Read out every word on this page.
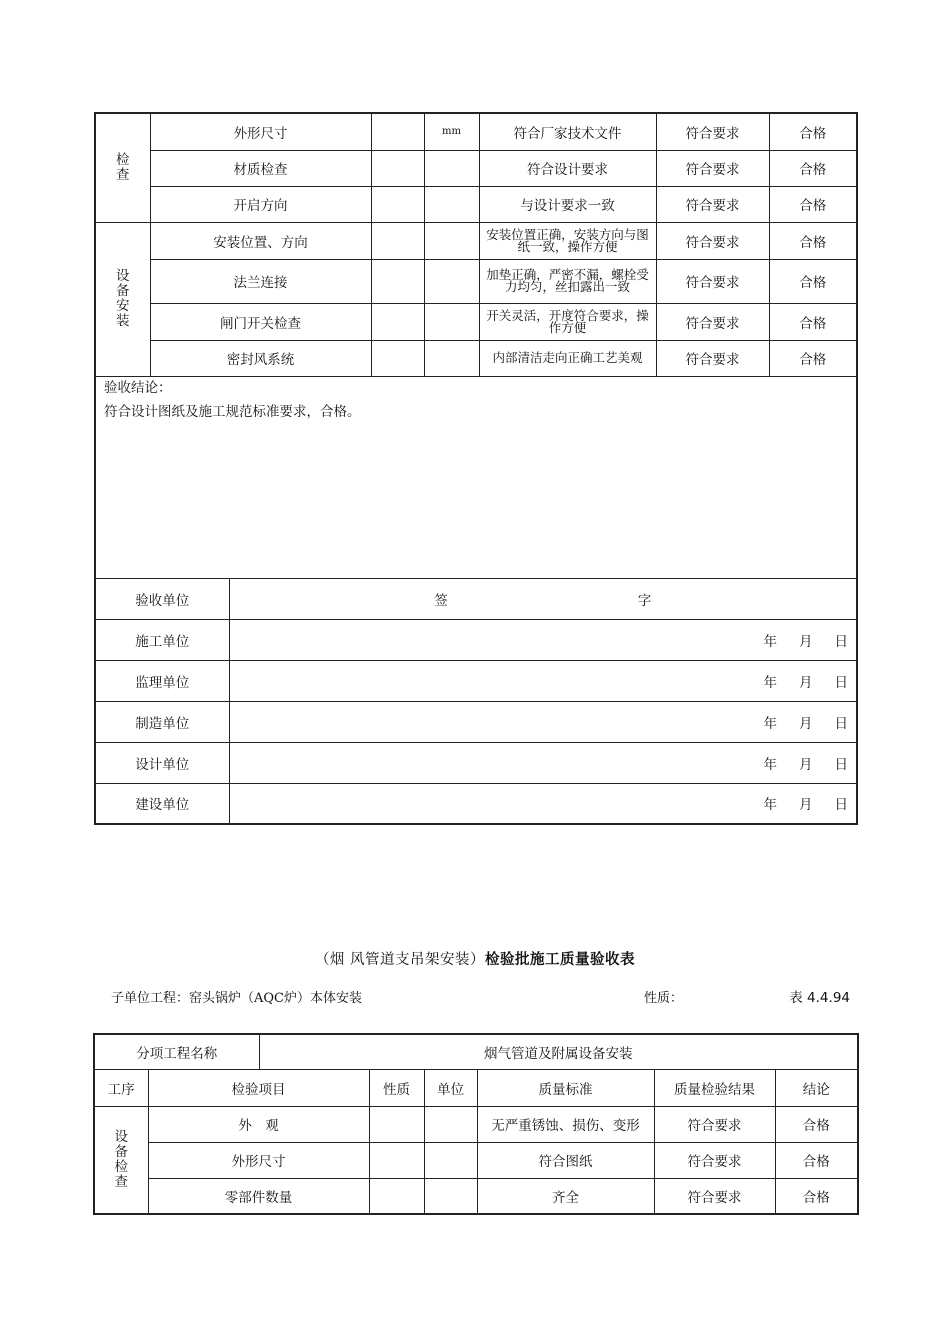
检
查	外形尺寸			mm	符合厂家技术文件	符合要求	合格
	材质检查				符合设计要求	符合要求	合格
	开启方向				与设计要求一致	符合要求	合格
设
备
安
装	安装位置、方向				安装位置正确，安装方向与图纸一致，操作方便	符合要求	合格
	法兰连接				加垫正确，严密不漏，螺栓受力均匀，丝扣露出一致	符合要求	合格
	闸门开关检查				开关灵活，开度符合要求，操作方便	符合要求	合格
	密封风系统				内部清洁走向正确工艺美观	符合要求	合格

验收结论：
符合设计图纸及施工规范标准要求，合格。							

验收单位		签 字					
施工单位		年 月 日					
监理单位		年 月 日					
制造单位		年 月 日					
设计单位		年 月 日					
建设单位		年 月 日					
（烟 风管道支吊架安装）检验批施工质量验收表
子单位工程：窑头锅炉（AQC炉）本体安装	性质：	表 4.4.94
分项工程名称		烟气管道及附属设备安装					
工序	检验项目		性质	单位	质量标准	质量检验结果	结论
设
备
检
查	外　观				无严重锈蚀、损伤、变形	符合要求	合格
	外形尺寸				符合图纸	符合要求	合格
	零部件数量				齐全	符合要求	合格
